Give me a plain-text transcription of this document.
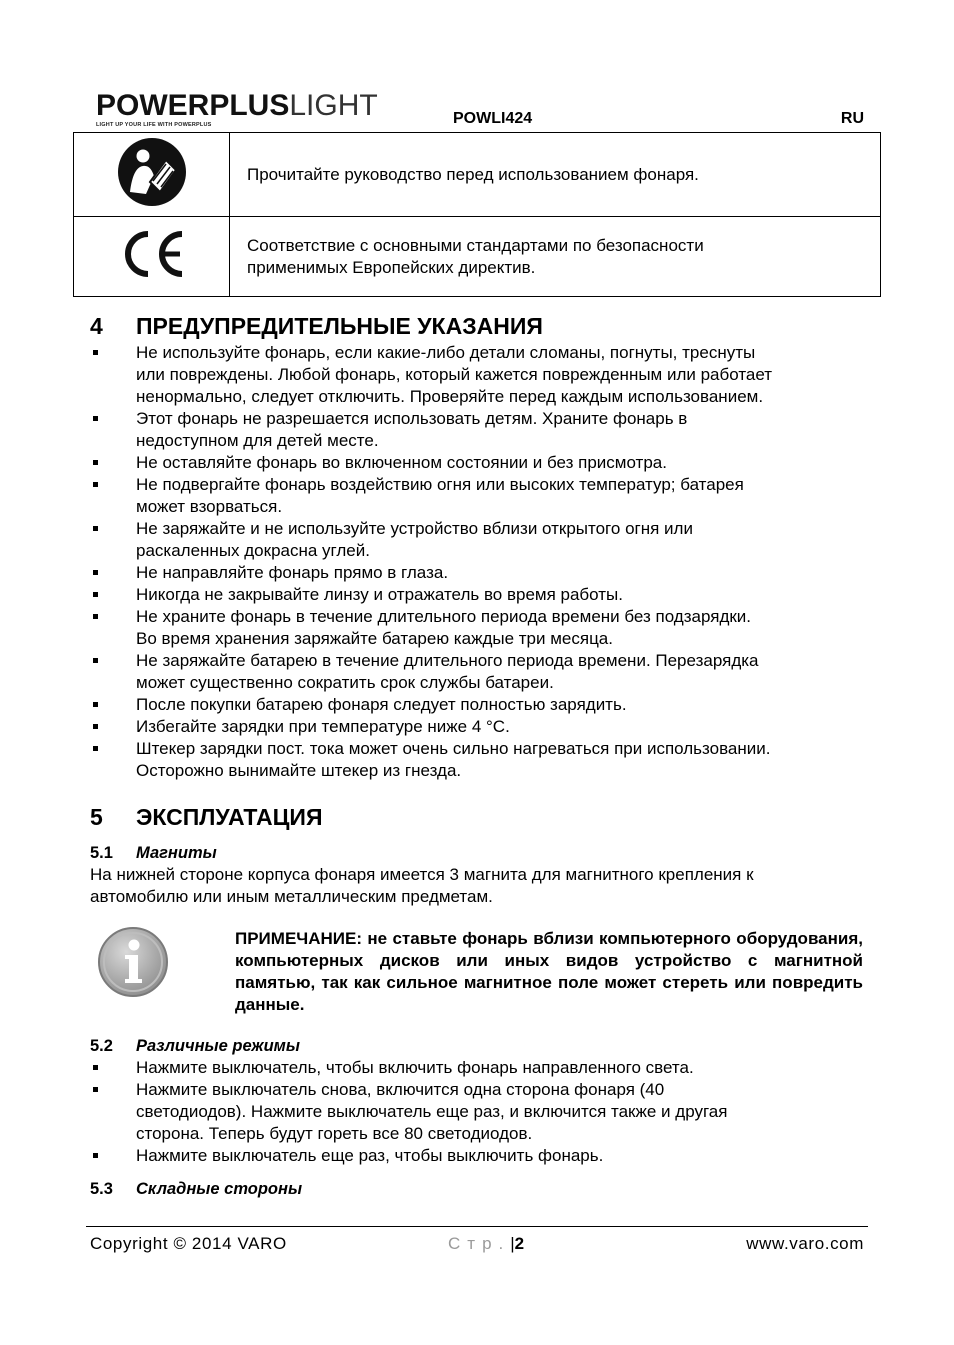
POWERPLUSLIGHT
LIGHT UP YOUR LIFE WITH POWERPLUS	POWLI424	RU
	Прочитайте руководство перед использованием фонаря.

Соответствие с основными стандартами по безопасности
применимых Европейских директив.
4 ПРЕДУПРЕДИТЕЛЬНЫЕ УКАЗАНИЯ
Не используйте фонарь, если какие-либо детали сломаны, погнуты, треснуты
или повреждены. Любой фонарь, который кажется поврежденным или работает
ненормально, следует отключить. Проверяйте перед каждым использованием.
Этот фонарь не разрешается использовать детям. Храните фонарь в
недоступном для детей месте.
Не оставляйте фонарь во включенном состоянии и без присмотра.
Не подвергайте фонарь воздействию огня или высоких температур; батарея
может взорваться.
Не заряжайте и не используйте устройство вблизи открытого огня или
раскаленных докрасна углей.
Не направляйте фонарь прямо в глаза.
Никогда не закрывайте линзу и отражатель во время работы.
Не храните фонарь в течение длительного периода времени без подзарядки.
Во время хранения заряжайте батарею каждые три месяца.
Не заряжайте батарею в течение длительного периода времени. Перезарядка
может существенно сократить срок службы батареи.
После покупки батарею фонаря следует полностью зарядить.
Избегайте зарядки при температуре ниже 4 °C.
Штекер зарядки пост. тока может очень сильно нагреваться при использовании.
Осторожно вынимайте штекер из гнезда.
5 ЭКСПЛУАТАЦИЯ
5.1 Магниты
На нижней стороне корпуса фонаря имеется 3 магнита для магнитного крепления к
автомобилю или иным металлическим предметам.
ПРИМЕЧАНИЕ: не ставьте фонарь вблизи компьютерного оборудования, компьютерных дисков или иных видов устройство с магнитной памятью, так как сильное магнитное поле может стереть или повредить данные.
5.2 Различные режимы
Нажмите выключатель, чтобы включить фонарь направленного света.
Нажмите выключатель снова, включится одна сторона фонаря (40
светодиодов). Нажмите выключатель еще раз, и включится также и другая
сторона. Теперь будут гореть все 80 светодиодов.
Нажмите выключатель еще раз, чтобы выключить фонарь.
5.3 Складные стороны
Copyright © 2014 VARO	Стр.|2	www.varo.com
